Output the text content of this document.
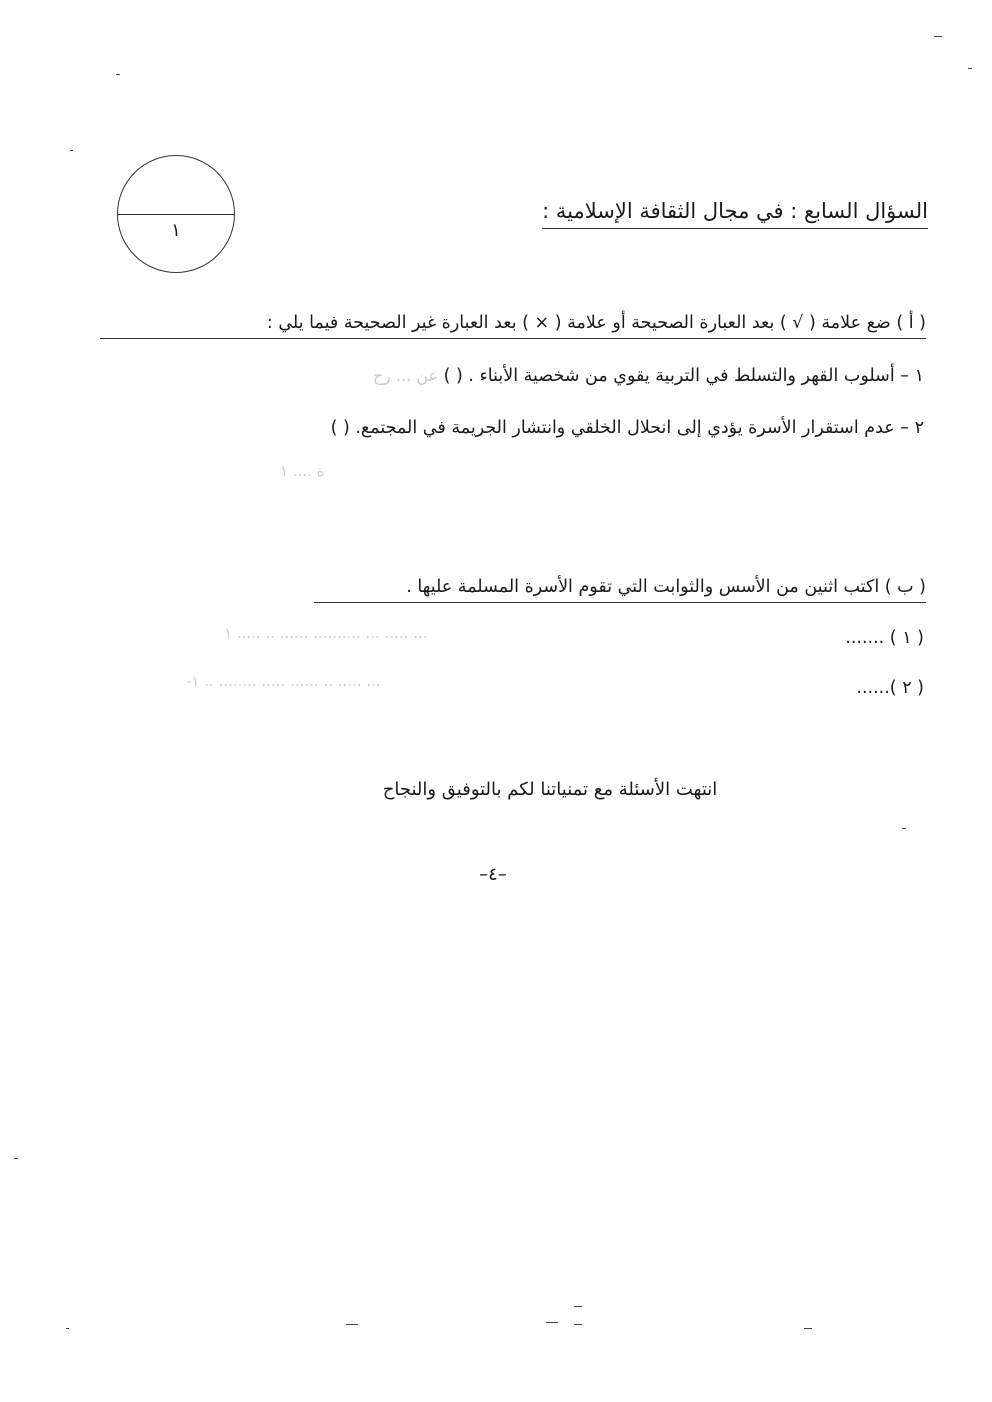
١
السؤال السابع : في مجال الثقافة الإسلامية :
( أ ) ضع علامة ( √ ) بعد العبارة الصحيحة أو علامة ( × ) بعد العبارة غير الصحيحة فيما يلي :
١ – أسلوب القهر والتسلط في التربية يقوي من شخصية الأبناء . ( ) عن ... رح
٢ – عدم استقرار الأسرة يؤدي إلى انحلال الخلقي وانتشار الجريمة في المجتمع. ( )
ة .... ١
( ب ) اكتب اثنين من الأسس والثوابت التي تقوم الأسرة المسلمة عليها .
( ١ ) .......
... ..... ... .......... ...... .. ..... ١
( ٢ )......
... ..... .. ...... ..... ........ .. ١-
انتهت الأسئلة مع تمنياتنا لكم بالتوفيق والنجاح
–٤–
